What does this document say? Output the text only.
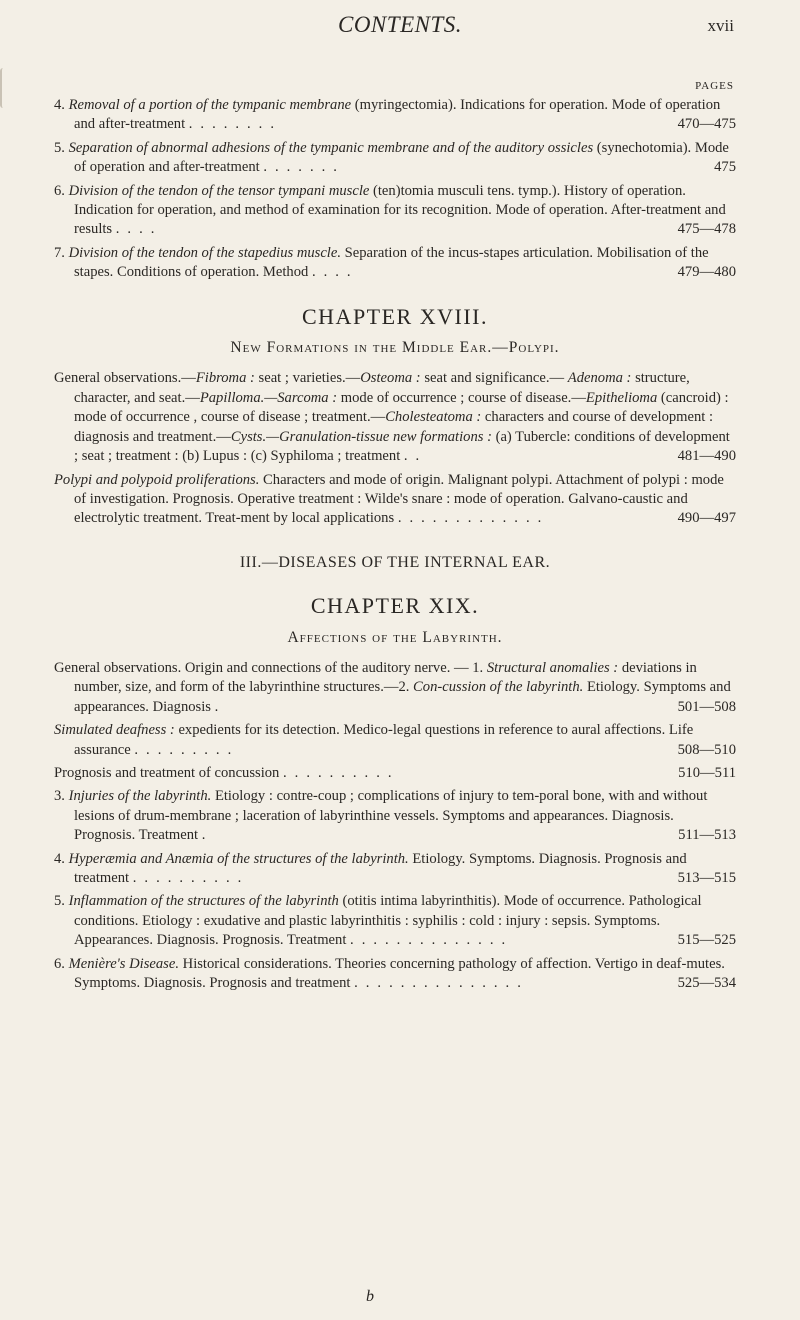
CONTENTS.	xvii
PAGES

4. Removal of a portion of the tympanic membrane (myringectomia). Indications for operation. Mode of operation and after-treatment ........	470—475

5. Separation of abnormal adhesions of the tympanic membrane and of the auditory ossicles (synechotomia). Mode of operation and after-treatment .......	475

6. Division of the tendon of the tensor tympani muscle (ten)tomia musculi tens. tymp.). History of operation. Indication for operation, and method of examination for its recognition. Mode of operation. After-treatment and results ....	475—478

7. Division of the tendon of the stapedius muscle. Separation of the incus-stapes articulation. Mobilisation of the stapes. Conditions of operation. Method ....	479—480

CHAPTER XVIII.
New Formations in the Middle Ear.—Polypi.

General observations.—Fibroma : seat ; varieties.—Osteoma : seat and significance.— Adenoma : structure, character, and seat.—Papilloma.—Sarcoma : mode of occurrence ; course of disease.—Epithelioma (cancroid) : mode of occurrence , course of disease ; treatment.—Cholesteatoma : characters and course of development : diagnosis and treatment.—Cysts.—Granulation-tissue new formations : (a) Tubercle: conditions of development ; seat ; treatment : (b) Lupus : (c) Syphiloma ; treatment ..	481—490

Polypi and polypoid proliferations. Characters and mode of origin. Malignant polypi. Attachment of polypi : mode of investigation. Prognosis. Operative treatment : Wilde's snare : mode of operation. Galvano-caustic and electrolytic treatment. Treat-ment by local applications .............	490—497

III.—DISEASES OF THE INTERNAL EAR.
CHAPTER XIX.
Affections of the Labyrinth.

General observations. Origin and connections of the auditory nerve. — 1. Structural anomalies : deviations in number, size, and form of the labyrinthine structures.—2. Con-cussion of the labyrinth. Etiology. Symptoms and appearances. Diagnosis .	501—508

Simulated deafness : expedients for its detection. Medico-legal questions in reference to aural affections. Life assurance .........	508—510

Prognosis and treatment of concussion ..........	510—511

3. Injuries of the labyrinth. Etiology : contre-coup ; complications of injury to tem-poral bone, with and without lesions of drum-membrane ; laceration of labyrinthine vessels. Symptoms and appearances. Diagnosis. Prognosis. Treatment .	511—513

4. Hyperæmia and Anæmia of the structures of the labyrinth. Etiology. Symptoms. Diagnosis. Prognosis and treatment ..........	513—515

5. Inflammation of the structures of the labyrinth (otitis intima labyrinthitis). Mode of occurrence. Pathological conditions. Etiology : exudative and plastic labyrinthitis : syphilis : cold : injury : sepsis. Symptoms. Appearances. Diagnosis. Prognosis. Treatment ..............	515—525

6. Menière's Disease. Historical considerations. Theories concerning pathology of affection. Vertigo in deaf-mutes. Symptoms. Diagnosis. Prognosis and treatment ...............	525—534

b
